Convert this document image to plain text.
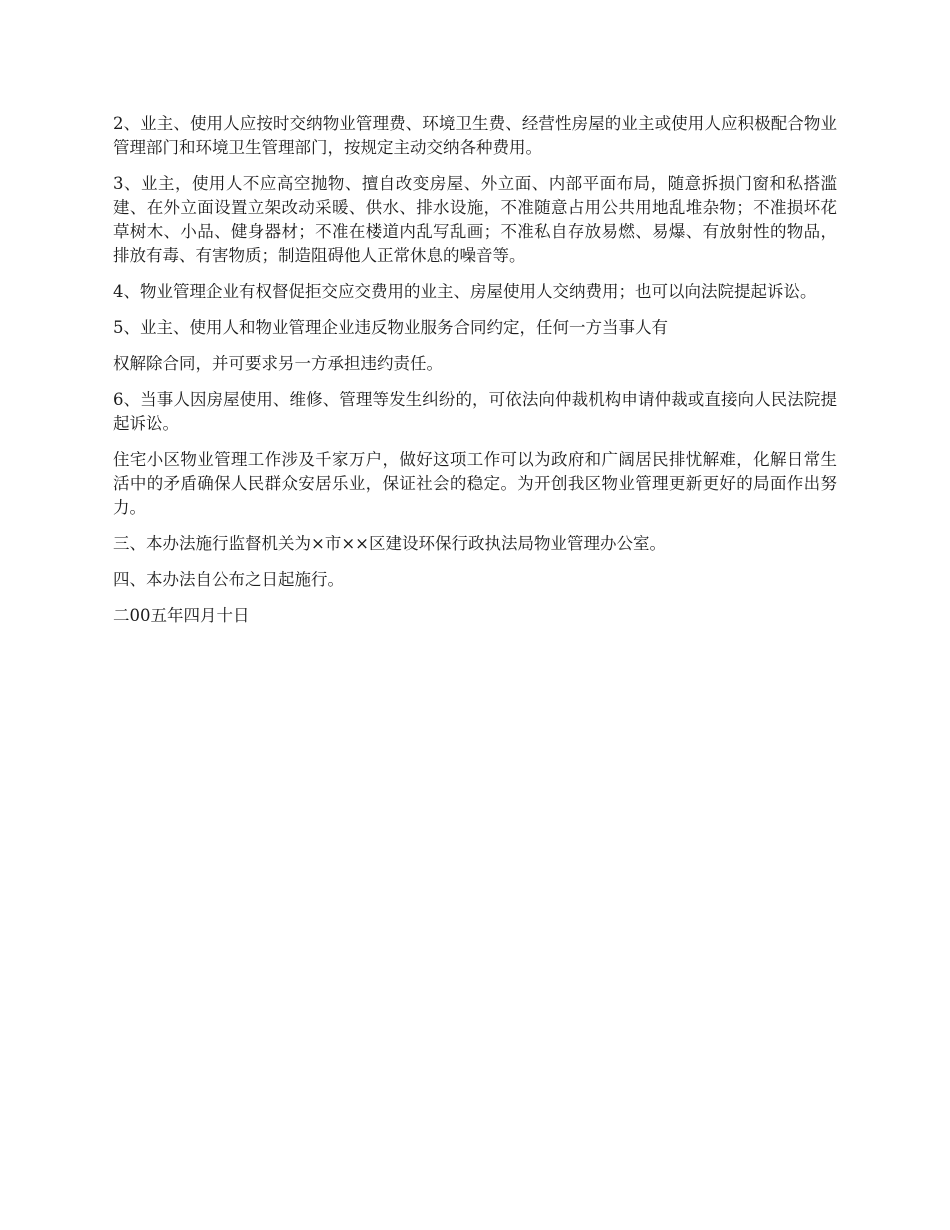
2、业主、使用人应按时交纳物业管理费、环境卫生费、经营性房屋的业主或使用人应积极配合物业管理部门和环境卫生管理部门，按规定主动交纳各种费用。

3、业主，使用人不应高空抛物、擅自改变房屋、外立面、内部平面布局，随意拆损门窗和私搭滥建、在外立面设置立架改动采暖、供水、排水设施，不准随意占用公共用地乱堆杂物；不准损坏花草树木、小品、健身器材；不准在楼道内乱写乱画；不准私自存放易燃、易爆、有放射性的物品，排放有毒、有害物质；制造阻碍他人正常休息的噪音等。

4、物业管理企业有权督促拒交应交费用的业主、房屋使用人交纳费用；也可以向法院提起诉讼。

5、业主、使用人和物业管理企业违反物业服务合同约定，任何一方当事人有

权解除合同，并可要求另一方承担违约责任。

6、当事人因房屋使用、维修、管理等发生纠纷的，可依法向仲裁机构申请仲裁或直接向人民法院提起诉讼。

住宅小区物业管理工作涉及千家万户，做好这项工作可以为政府和广阔居民排忧解难，化解日常生活中的矛盾确保人民群众安居乐业，保证社会的稳定。为开创我区物业管理更新更好的局面作出努力。

三、本办法施行监督机关为×市××区建设环保行政执法局物业管理办公室。

四、本办法自公布之日起施行。

二00五年四月十日
